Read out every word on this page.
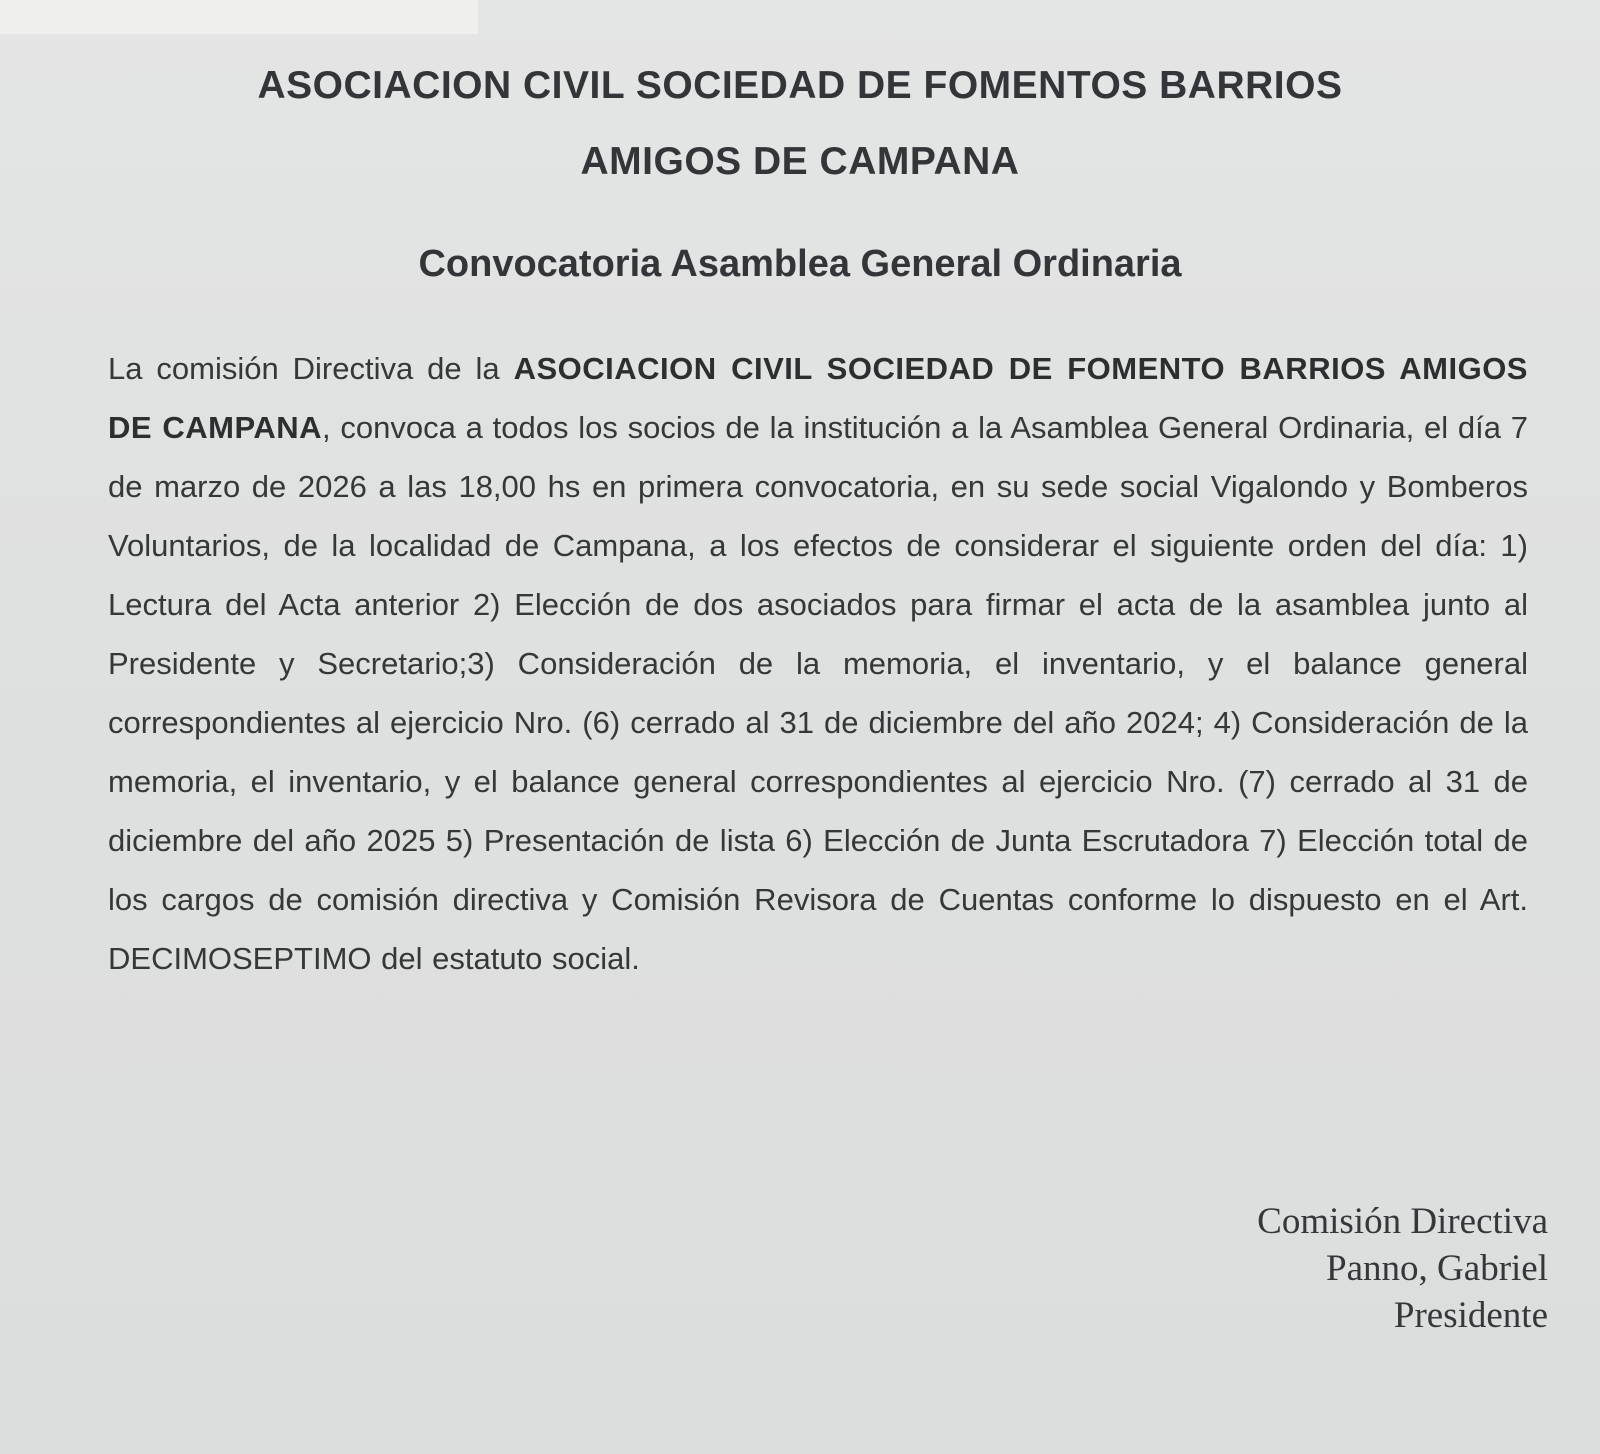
ASOCIACION CIVIL SOCIEDAD DE FOMENTOS BARRIOS
AMIGOS DE CAMPANA
Convocatoria Asamblea General Ordinaria

La comisión Directiva de la ASOCIACION CIVIL SOCIEDAD DE FOMENTO BARRIOS AMIGOS DE CAMPANA, convoca a todos los socios de la institución a la Asamblea General Ordinaria, el día 7 de marzo de 2026 a las 18,00 hs en primera convocatoria, en su sede social Vigalondo y Bomberos Voluntarios, de la localidad de Campana, a los efectos de considerar el siguiente orden del día: 1) Lectura del Acta anterior 2) Elección de dos asociados para firmar el acta de la asamblea junto al Presidente y Secretario;3) Consideración de la memoria, el inventario, y el balance general correspondientes al ejercicio Nro. (6) cerrado al 31 de diciembre del año 2024; 4) Consideración de la memoria, el inventario, y el balance general correspondientes al ejercicio Nro. (7) cerrado al 31 de diciembre del año 2025 5) Presentación de lista 6) Elección de Junta Escrutadora 7) Elección total de los cargos de comisión directiva y Comisión Revisora de Cuentas conforme lo dispuesto en el Art. DECIMOSEPTIMO del estatuto social.

Comisión Directiva
Panno, Gabriel
Presidente
